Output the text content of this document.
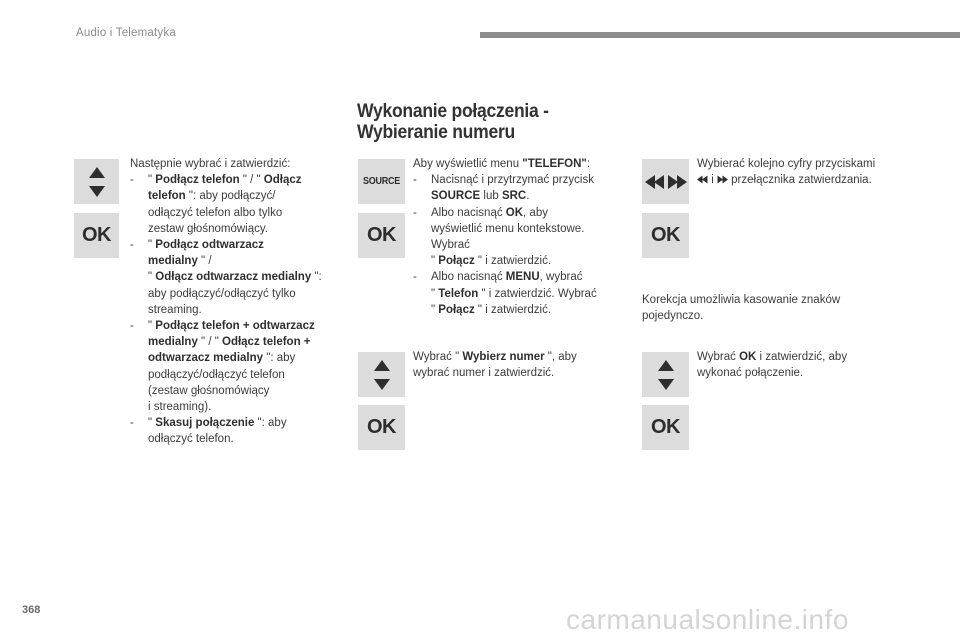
Audio i Telematyka
Wykonanie połączenia -
Wybieranie numeru
OK
Następnie wybrać i zatwierdzić:
-	" Podłącz telefon " / " Odłącz
telefon ": aby podłączyć/
odłączyć telefon albo tylko
zestaw głośnomówiący.
-	" Podłącz odtwarzacz
medialny " /
" Odłącz odtwarzacz medialny ":
aby podłączyć/odłączyć tylko
streaming.
-	" Podłącz telefon + odtwarzacz
medialny " / " Odłącz telefon +
odtwarzacz medialny ": aby
podłączyć/odłączyć telefon
(zestaw głośnomówiący
i streaming).
-	" Skasuj połączenie ": aby
odłączyć telefon.
SOURCE
OK
OK
Aby wyświetlić menu "TELEFON":
-	Nacisnąć i przytrzymać przycisk
SOURCE lub SRC.
-	Albo nacisnąć OK, aby
wyświetlić menu kontekstowe.
Wybrać
" Połącz " i zatwierdzić.
-	Albo nacisnąć MENU, wybrać
" Telefon " i zatwierdzić. Wybrać
" Połącz " i zatwierdzić.
Wybrać " Wybierz numer ", aby
wybrać numer i zatwierdzić.
OK
OK
Wybierać kolejno cyfry przyciskami
i  przełącznika zatwierdzania.
Korekcja umożliwia kasowanie znaków
pojedynczo.
Wybrać OK i zatwierdzić, aby
wykonać połączenie.
368	carmanualsonline.info
